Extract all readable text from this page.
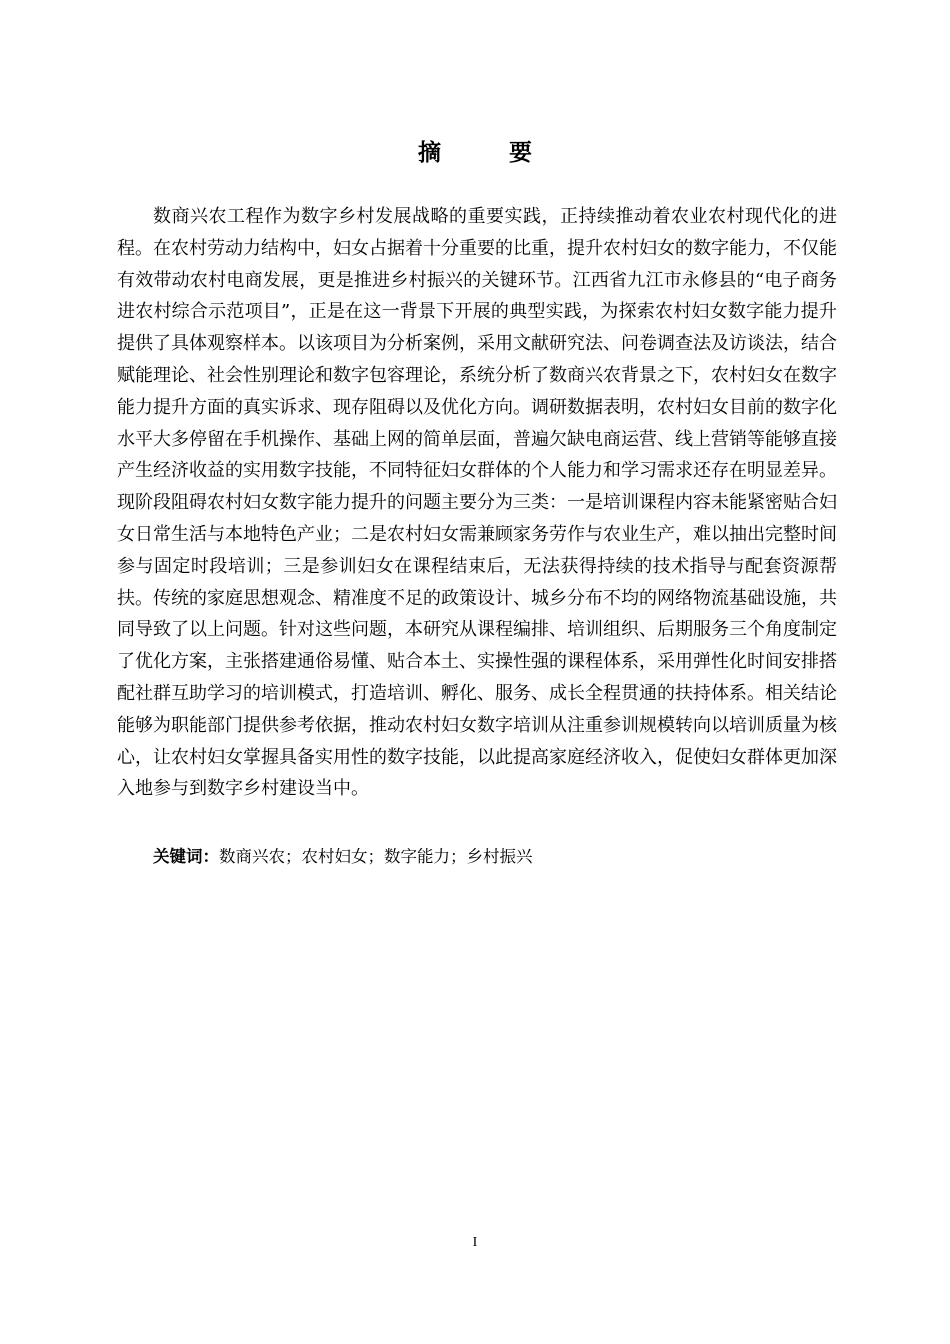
摘 要

数商兴农工程作为数字乡村发展战略的重要实践，正持续推动着农业农村现代化的进程。在农村劳动力结构中，妇女占据着十分重要的比重，提升农村妇女的数字能力，不仅能有效带动农村电商发展，更是推进乡村振兴的关键环节。江西省九江市永修县的“电子商务进农村综合示范项目”，正是在这一背景下开展的典型实践，为探索农村妇女数字能力提升提供了具体观察样本。以该项目为分析案例，采用文献研究法、问卷调查法及访谈法，结合赋能理论、社会性别理论和数字包容理论，系统分析了数商兴农背景之下，农村妇女在数字能力提升方面的真实诉求、现存阻碍以及优化方向。调研数据表明，农村妇女目前的数字化水平大多停留在手机操作、基础上网的简单层面，普遍欠缺电商运营、线上营销等能够直接产生经济收益的实用数字技能，不同特征妇女群体的个人能力和学习需求还存在明显差异。现阶段阻碍农村妇女数字能力提升的问题主要分为三类：一是培训课程内容未能紧密贴合妇女日常生活与本地特色产业；二是农村妇女需兼顾家务劳作与农业生产，难以抽出完整时间参与固定时段培训；三是参训妇女在课程结束后，无法获得持续的技术指导与配套资源帮扶。传统的家庭思想观念、精准度不足的政策设计、城乡分布不均的网络物流基础设施，共同导致了以上问题。针对这些问题，本研究从课程编排、培训组织、后期服务三个角度制定了优化方案，主张搭建通俗易懂、贴合本土、实操性强的课程体系，采用弹性化时间安排搭配社群互助学习的培训模式，打造培训、孵化、服务、成长全程贯通的扶持体系。相关结论能够为职能部门提供参考依据，推动农村妇女数字培训从注重参训规模转向以培训质量为核心，让农村妇女掌握具备实用性的数字技能，以此提高家庭经济收入，促使妇女群体更加深入地参与到数字乡村建设当中。

关键词：数商兴农；农村妇女；数字能力；乡村振兴
I
